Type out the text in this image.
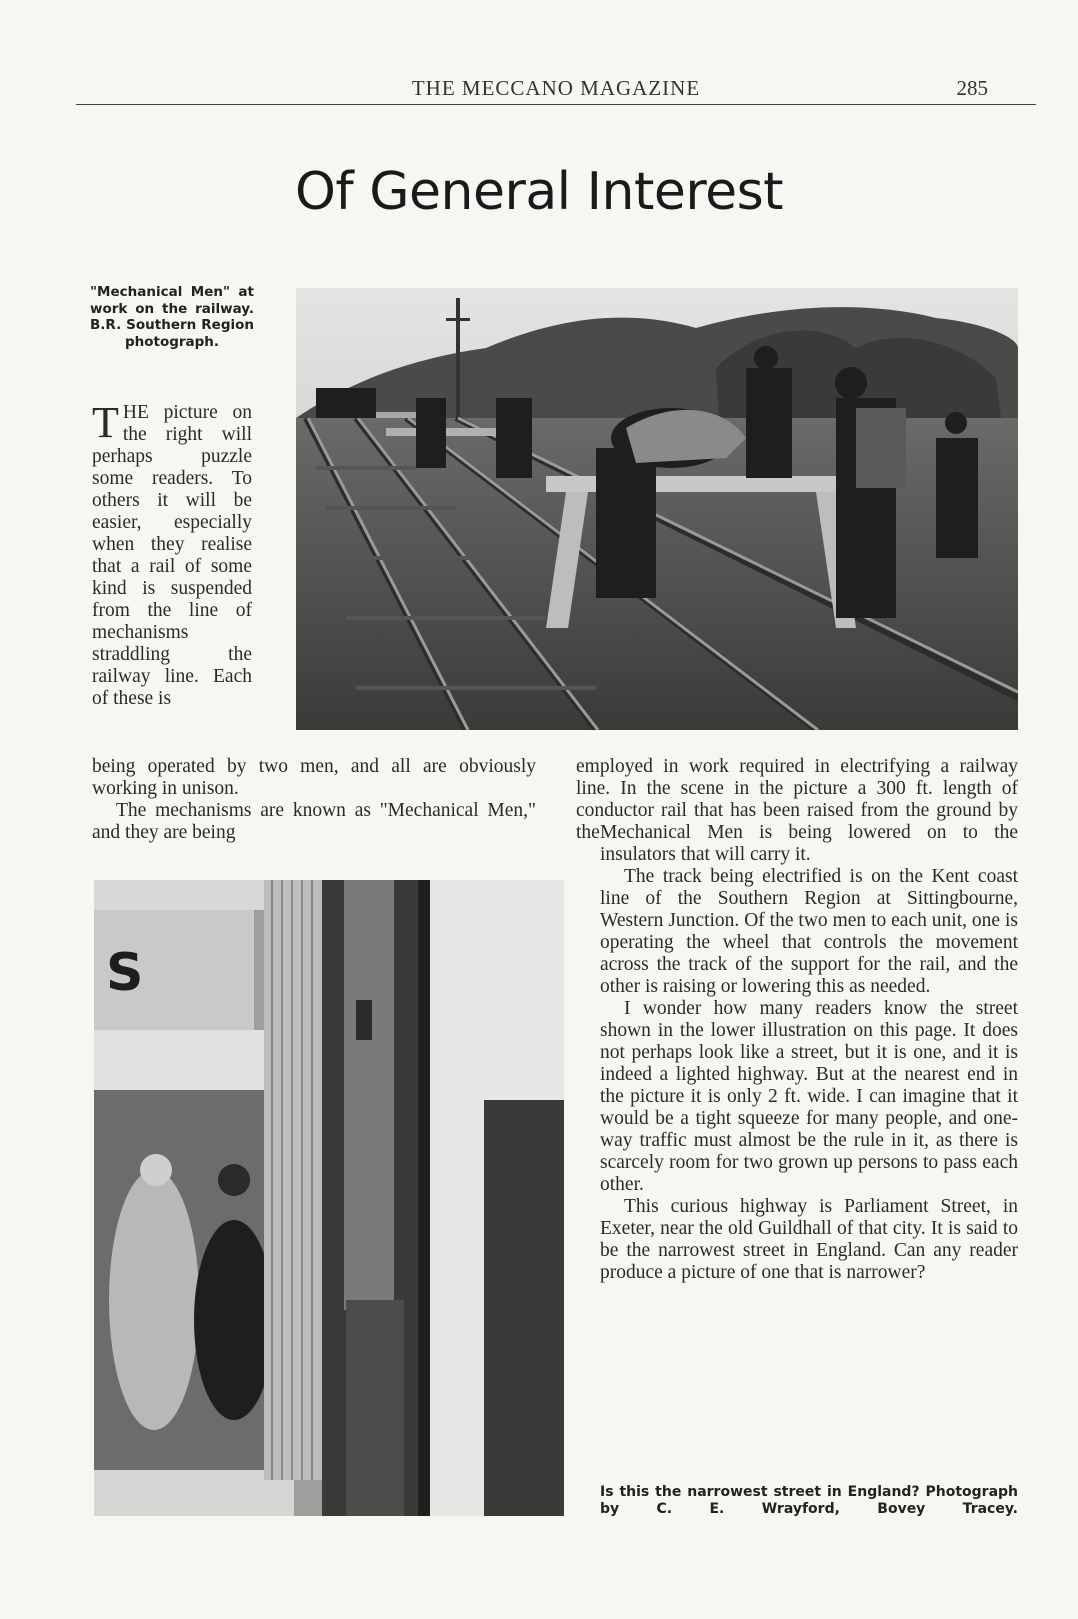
THE MECCANO MAGAZINE	285
Of General Interest
"Mechanical Men" at work on the railway. B.R. Southern Region photograph.

THE picture on the right will perhaps puzzle some readers. To others it will be easier, especially when they realise that a rail of some kind is suspended from the line of mechanisms straddling the railway line. Each of these is

being operated by two men, and all are obviously working in unison.

The mechanisms are known as "Mechanical Men," and they are being

employed in work required in electrifying a railway line. In the scene in the picture a 300 ft. length of conductor rail that has been raised from the ground by the Mechanical Men is being lowered on to the insulators that will carry it.

The track being electrified is on the Kent coast line of the Southern Region at Sittingbourne, Western Junction. Of the two men to each unit, one is operating the wheel that controls the movement across the track of the support for the rail, and the other is raising or lowering this as needed.

I wonder how many readers know the street shown in the lower illustration on this page. It does not perhaps look like a street, but it is one, and it is indeed a lighted highway. But at the nearest end in the picture it is only 2 ft. wide. I can imagine that it would be a tight squeeze for many people, and one-way traffic must almost be the rule in it, as there is scarcely room for two grown up persons to pass each other.

This curious highway is Parliament Street, in Exeter, near the old Guildhall of that city. It is said to be the narrowest street in England. Can any reader produce a picture of one that is narrower?

S
Is this the narrowest street in England? Photograph by C. E. Wrayford, Bovey Tracey.
